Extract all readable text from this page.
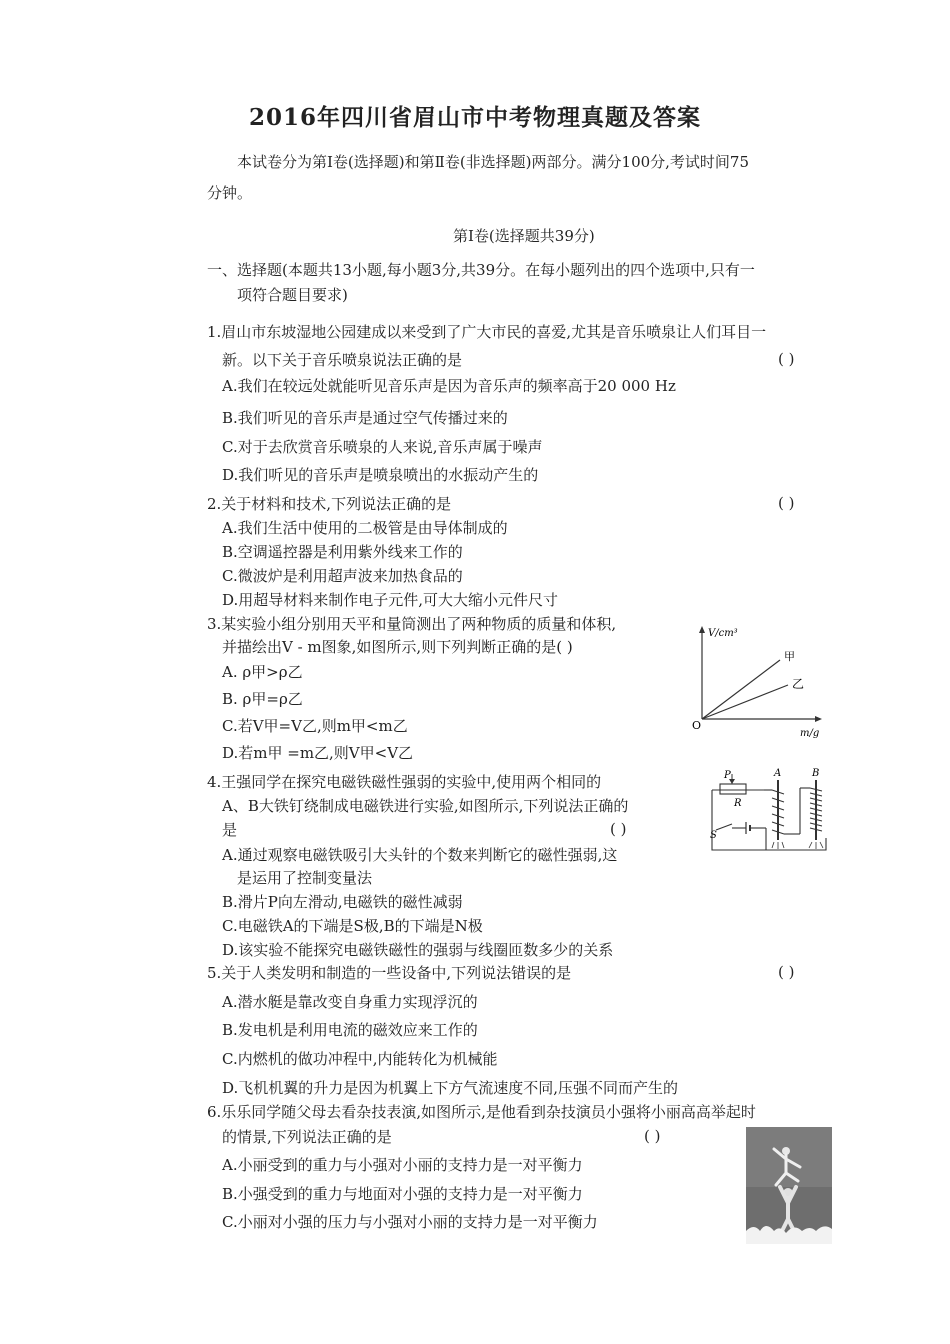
2016年四川省眉山市中考物理真题及答案
本试卷分为第Ⅰ卷(选择题)和第Ⅱ卷(非选择题)两部分。满分100分,考试时间75
分钟。
第Ⅰ卷(选择题共39分)
一、选择题(本题共13小题,每小题3分,共39分。在每小题列出的四个选项中,只有一
项符合题目要求)
1.眉山市东坡湿地公园建成以来受到了广大市民的喜爱,尤其是音乐喷泉让人们耳目一
新。以下关于音乐喷泉说法正确的是	( )
A.我们在较远处就能听见音乐声是因为音乐声的频率高于20 000 Hz
B.我们听见的音乐声是通过空气传播过来的
C.对于去欣赏音乐喷泉的人来说,音乐声属于噪声
D.我们听见的音乐声是喷泉喷出的水振动产生的
2.关于材料和技术,下列说法正确的是	( )
A.我们生活中使用的二极管是由导体制成的
B.空调遥控器是利用紫外线来工作的
C.微波炉是利用超声波来加热食品的
D.用超导材料来制作电子元件,可大大缩小元件尺寸
3.某实验小组分别用天平和量筒测出了两种物质的质量和体积,
并描绘出V - m图象,如图所示,则下列判断正确的是( )
A. ρ甲>ρ乙
B. ρ甲=ρ乙
C.若V甲=V乙,则m甲<m乙
D.若m甲 =m乙,则V甲<V乙
V/cm³
m/g
O
甲
乙
4.王强同学在探究电磁铁磁性强弱的实验中,使用两个相同的
A、B大铁钉绕制成电磁铁进行实验,如图所示,下列说法正确的
是	( )
A.通过观察电磁铁吸引大头针的个数来判断它的磁性强弱,这
是运用了控制变量法
B.滑片P向左滑动,电磁铁的磁性减弱
C.电磁铁A的下端是S极,B的下端是N极
D.该实验不能探究电磁铁磁性的强弱与线圈匝数多少的关系
P
R
S
A	B
5.关于人类发明和制造的一些设备中,下列说法错误的是	( )
A.潜水艇是靠改变自身重力实现浮沉的
B.发电机是利用电流的磁效应来工作的
C.内燃机的做功冲程中,内能转化为机械能
D.飞机机翼的升力是因为机翼上下方气流速度不同,压强不同而产生的
6.乐乐同学随父母去看杂技表演,如图所示,是他看到杂技演员小强将小丽高高举起时
的情景,下列说法正确的是	( )
A.小丽受到的重力与小强对小丽的支持力是一对平衡力
B.小强受到的重力与地面对小强的支持力是一对平衡力
C.小丽对小强的压力与小强对小丽的支持力是一对平衡力
